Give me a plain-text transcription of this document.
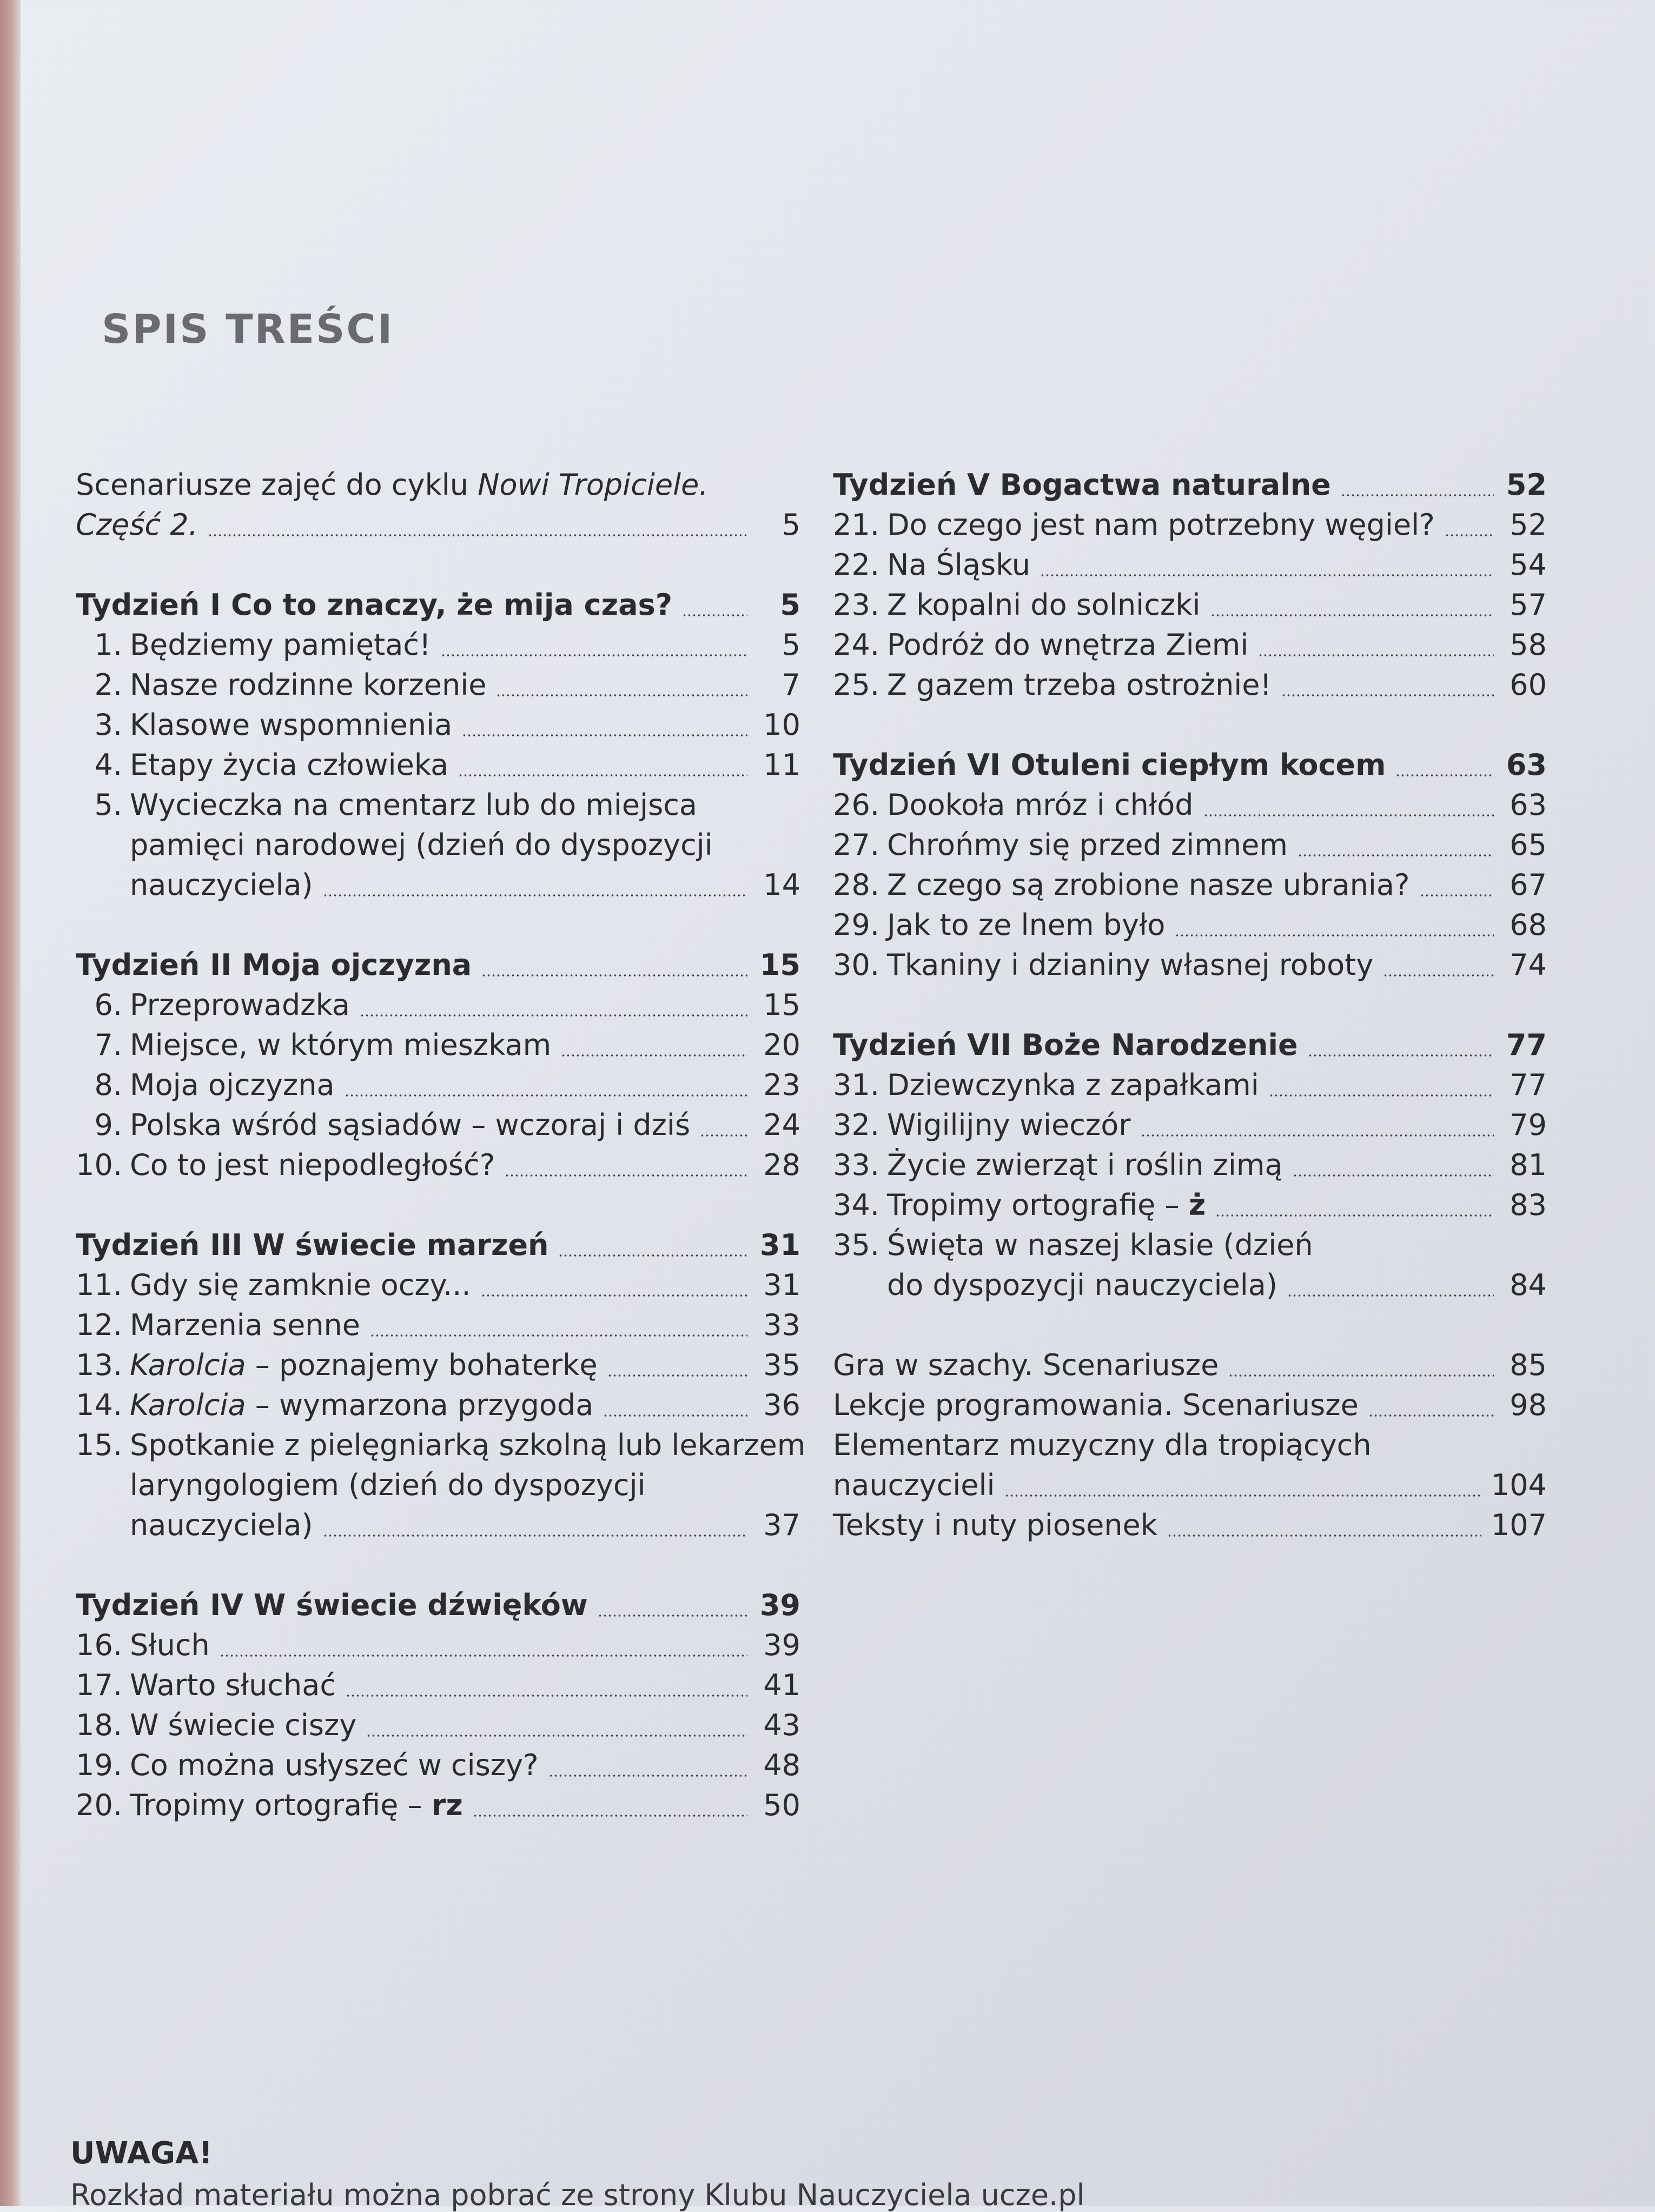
SPIS TREŚCI
Scenariusze zajęć do cyklu Nowi Tropiciele.
Część 2.	5
Tydzień I Co to znaczy, że mija czas?	5
1. Będziemy pamiętać!	5
2. Nasze rodzinne korzenie	7
3. Klasowe wspomnienia	10
4. Etapy życia człowieka	11
5. Wycieczka na cmentarz lub do miejsca
pamięci narodowej (dzień do dyspozycji
nauczyciela)	14
Tydzień II Moja ojczyzna	15
6. Przeprowadzka	15
7. Miejsce, w którym mieszkam	20
8. Moja ojczyzna	23
9. Polska wśród sąsiadów – wczoraj i dziś	24
10. Co to jest niepodległość?	28
Tydzień III W świecie marzeń	31
11. Gdy się zamknie oczy...	31
12. Marzenia senne	33
13. Karolcia – poznajemy bohaterkę	35
14. Karolcia – wymarzona przygoda	36
15. Spotkanie z pielęgniarką szkolną lub lekarzem
laryngologiem (dzień do dyspozycji
nauczyciela)	37
Tydzień IV W świecie dźwięków	39
16. Słuch	39
17. Warto słuchać	41
18. W świecie ciszy	43
19. Co można usłyszeć w ciszy?	48
20. Tropimy ortografię – rz	50
Tydzień V Bogactwa naturalne	52
21. Do czego jest nam potrzebny węgiel?	52
22. Na Śląsku	54
23. Z kopalni do solniczki	57
24. Podróż do wnętrza Ziemi	58
25. Z gazem trzeba ostrożnie!	60
Tydzień VI Otuleni ciepłym kocem	63
26. Dookoła mróz i chłód	63
27. Chrońmy się przed zimnem	65
28. Z czego są zrobione nasze ubrania?	67
29. Jak to ze lnem było	68
30. Tkaniny i dzianiny własnej roboty	74
Tydzień VII Boże Narodzenie	77
31. Dziewczynka z zapałkami	77
32. Wigilijny wieczór	79
33. Życie zwierząt i roślin zimą	81
34. Tropimy ortografię – ż	83
35. Święta w naszej klasie (dzień
do dyspozycji nauczyciela)	84
Gra w szachy. Scenariusze	85
Lekcje programowania. Scenariusze	98
Elementarz muzyczny dla tropiących
nauczycieli	104
Teksty i nuty piosenek	107
UWAGA!
Rozkład materiału można pobrać ze strony Klubu Nauczyciela ucze.pl
